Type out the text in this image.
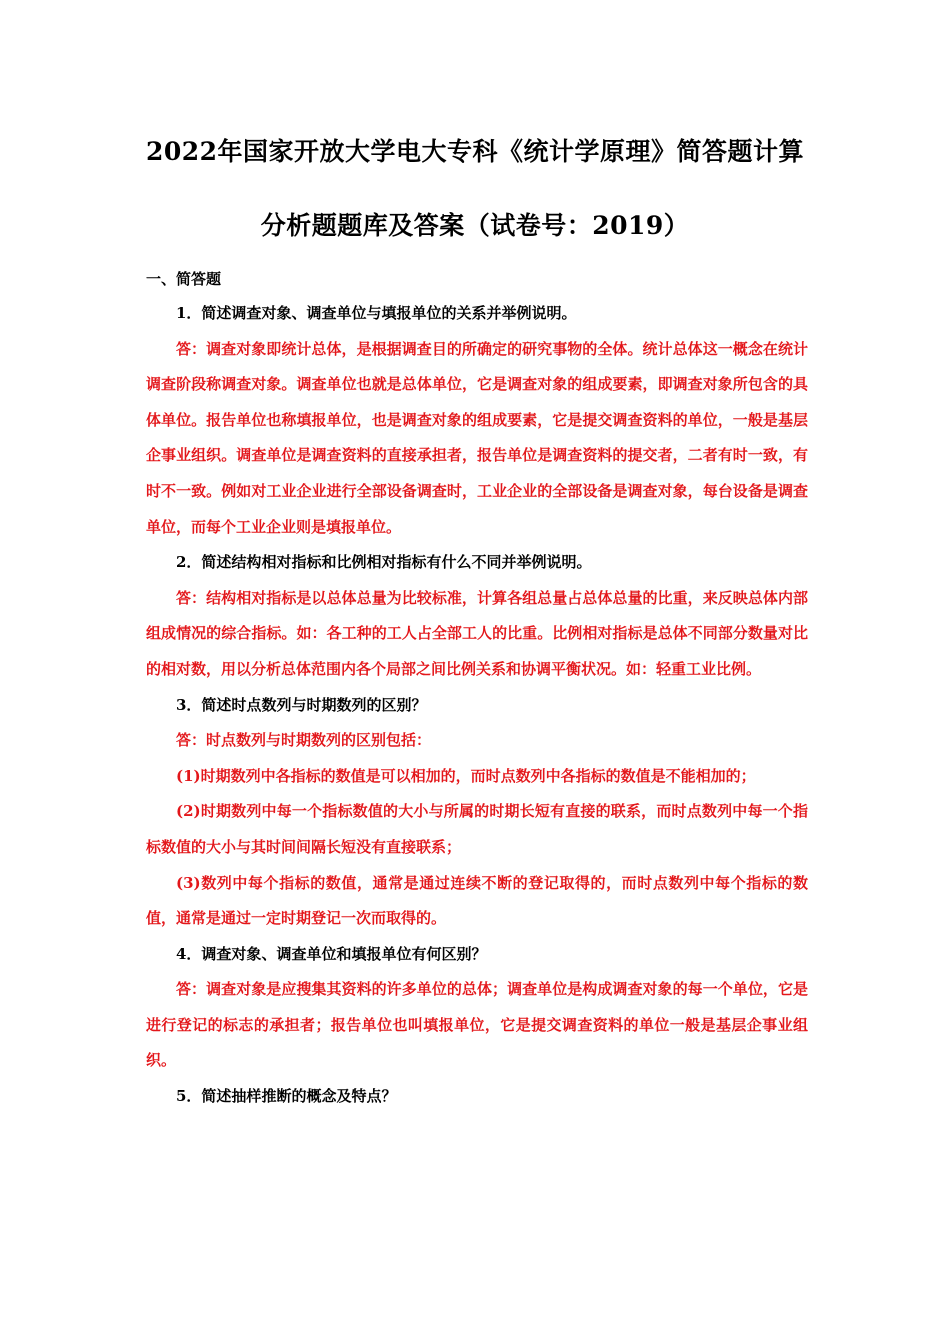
2022年国家开放大学电大专科《统计学原理》简答题计算
分析题题库及答案（试卷号：2019）
一、简答题

1．简述调查对象、调查单位与填报单位的关系并举例说明。

答：调查对象即统计总体，是根据调查目的所确定的研究事物的全体。统计总体这一概念在统计调查阶段称调查对象。调查单位也就是总体单位，它是调查对象的组成要素，即调查对象所包含的具体单位。报告单位也称填报单位，也是调查对象的组成要素，它是提交调查资料的单位，一般是基层企事业组织。调查单位是调查资料的直接承担者，报告单位是调查资料的提交者，二者有时一致，有时不一致。例如对工业企业进行全部设备调查时，工业企业的全部设备是调查对象，每台设备是调查单位，而每个工业企业则是填报单位。

2．简述结构相对指标和比例相对指标有什么不同并举例说明。

答：结构相对指标是以总体总量为比较标准，计算各组总量占总体总量的比重，来反映总体内部组成情况的综合指标。如：各工种的工人占全部工人的比重。比例相对指标是总体不同部分数量对比的相对数，用以分析总体范围内各个局部之间比例关系和协调平衡状况。如：轻重工业比例。

3．简述时点数列与时期数列的区别？

答：时点数列与时期数列的区别包括：

(1)时期数列中各指标的数值是可以相加的，而时点数列中各指标的数值是不能相加的；

(2)时期数列中每一个指标数值的大小与所属的时期长短有直接的联系，而时点数列中每一个指标数值的大小与其时间间隔长短没有直接联系；

(3)数列中每个指标的数值，通常是通过连续不断的登记取得的，而时点数列中每个指标的数值，通常是通过一定时期登记一次而取得的。

4．调查对象、调查单位和填报单位有何区别？

答：调查对象是应搜集其资料的许多单位的总体；调查单位是构成调查对象的每一个单位，它是进行登记的标志的承担者；报告单位也叫填报单位，它是提交调查资料的单位一般是基层企事业组织。

5．简述抽样推断的概念及特点？
